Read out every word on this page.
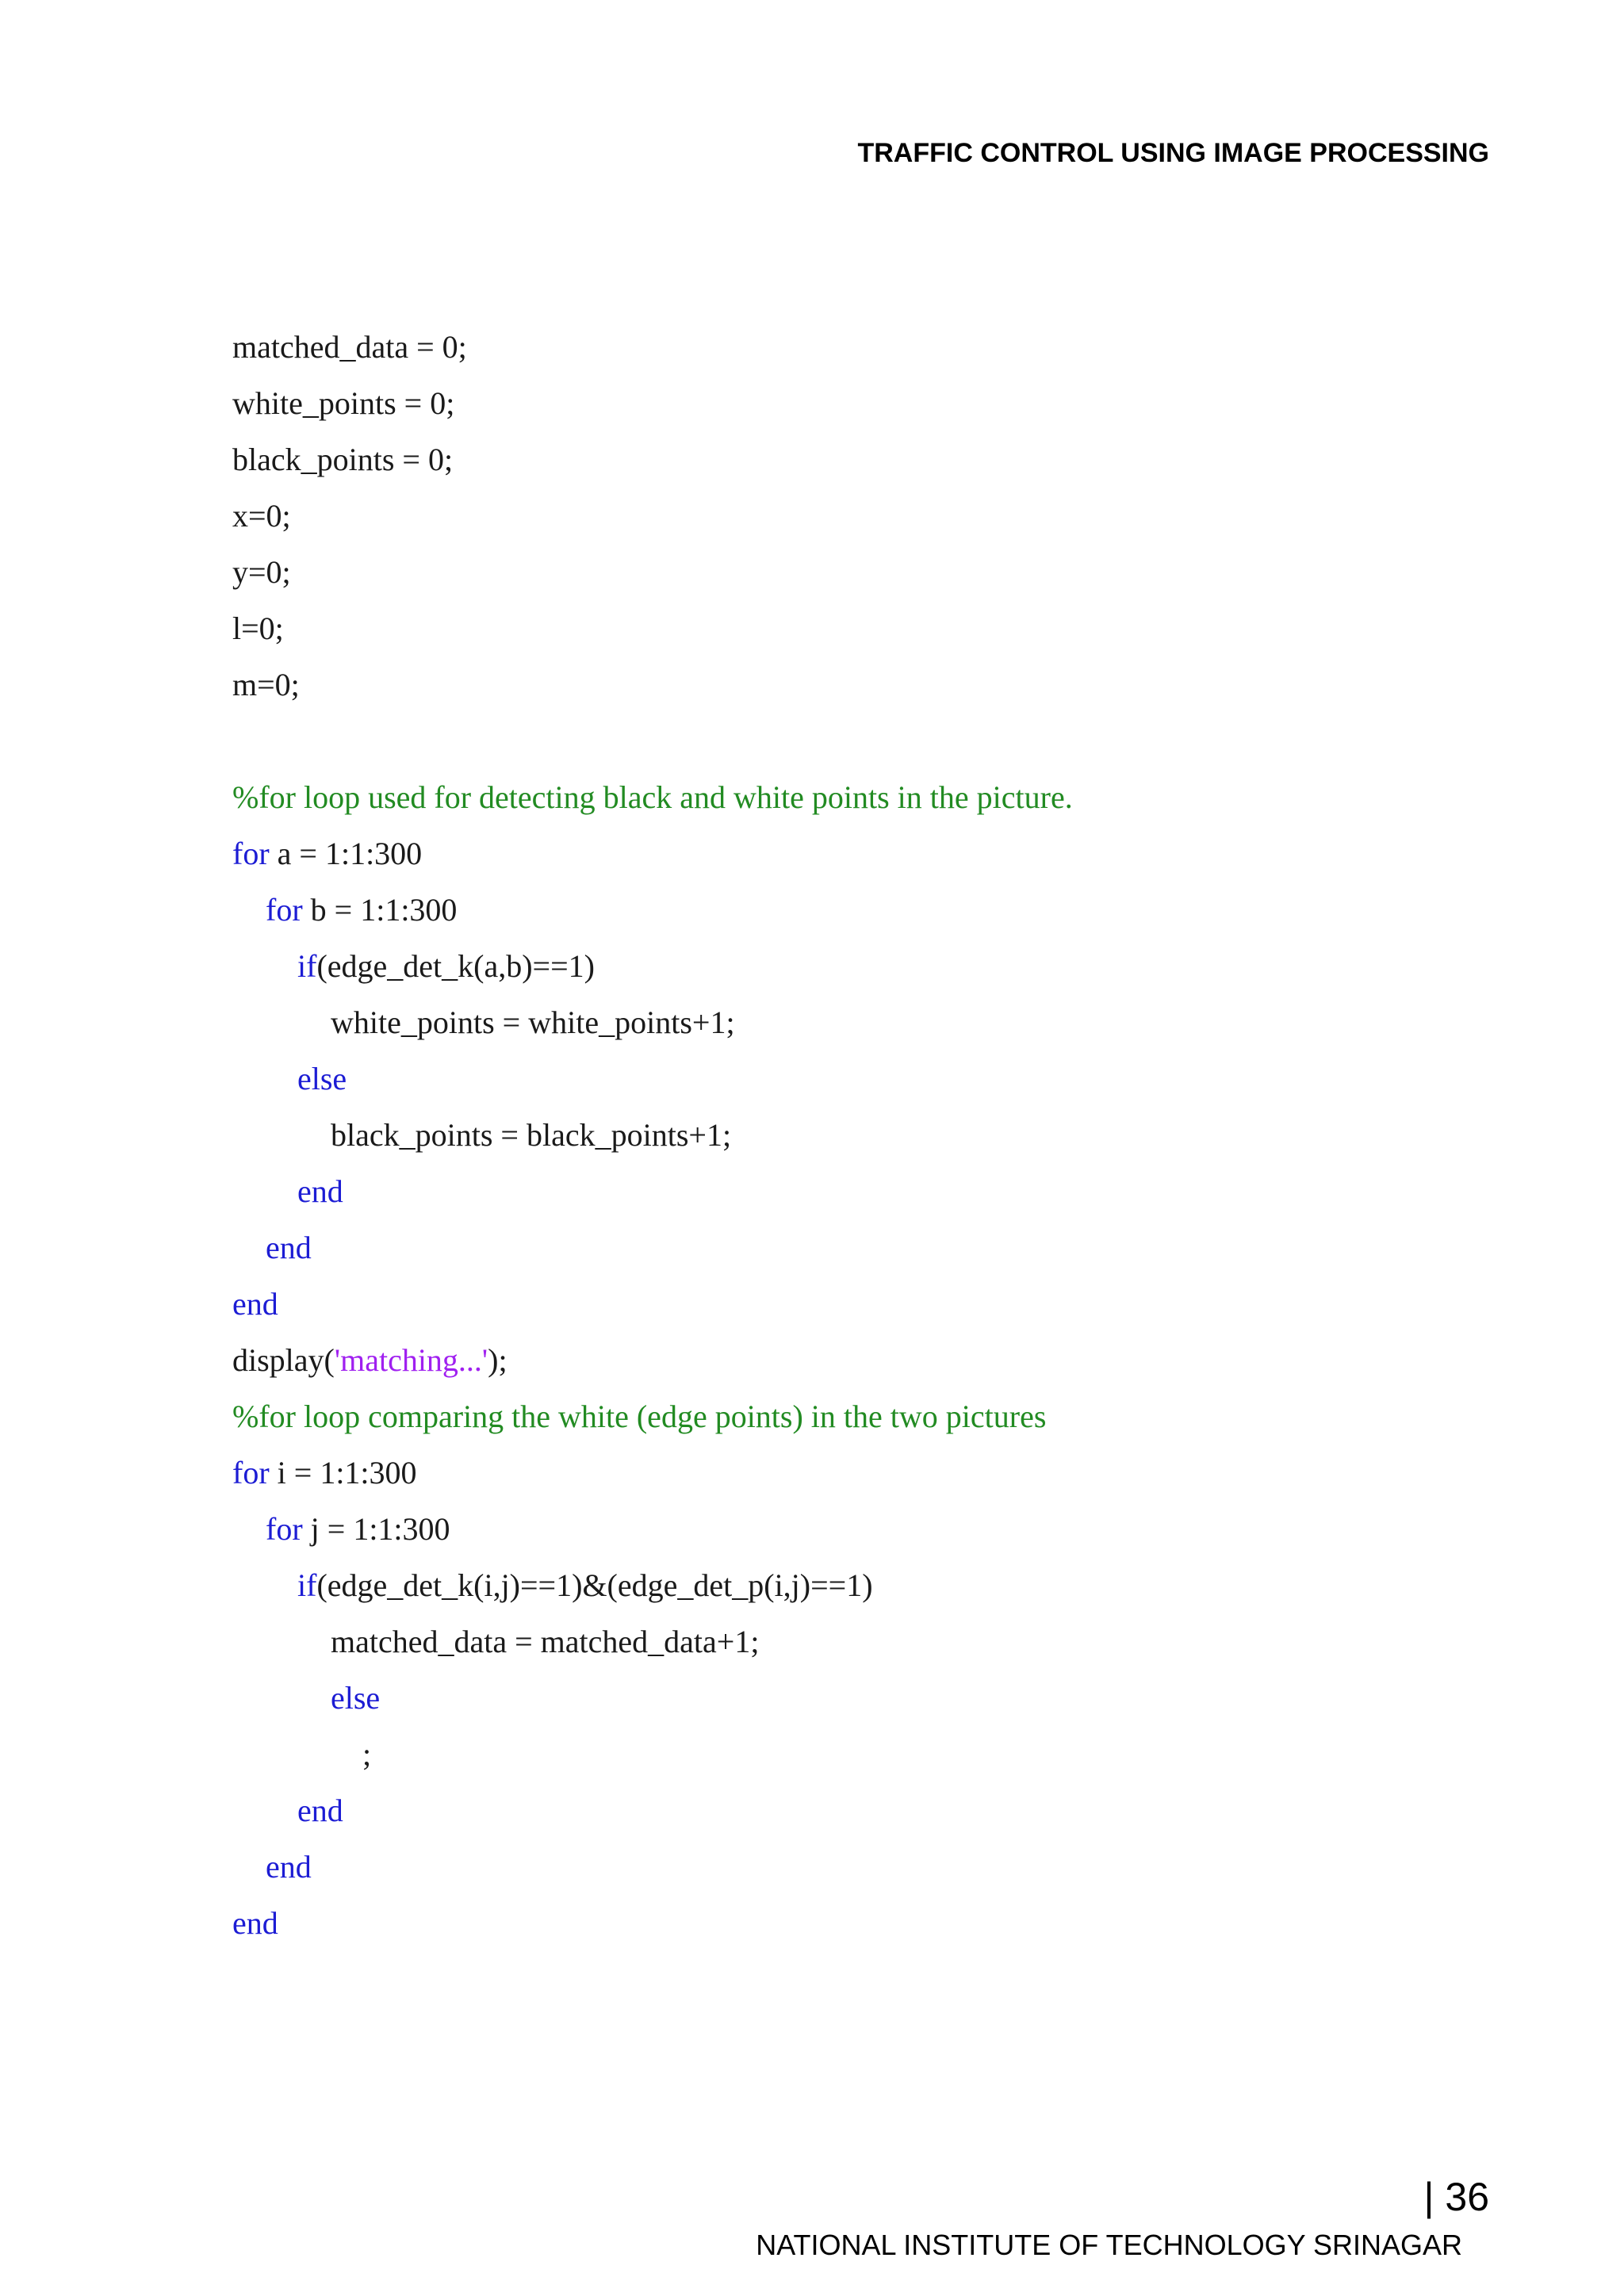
TRAFFIC CONTROL USING IMAGE PROCESSING
matched_data = 0;
white_points = 0;
black_points = 0;
x=0;
y=0;
l=0;
m=0;
%for loop used for detecting black and white points in the picture.
for a = 1:1:300
for b = 1:1:300
if(edge_det_k(a,b)==1)
white_points = white_points+1;
else
black_points = black_points+1;
end
end
end
display('matching...');
%for loop comparing the white (edge points) in the two pictures
for i = 1:1:300
for j = 1:1:300
if(edge_det_k(i,j)==1)&(edge_det_p(i,j)==1)
matched_data = matched_data+1;
else
;
end
end
end
| 36
NATIONAL INSTITUTE OF TECHNOLOGY SRINAGAR
